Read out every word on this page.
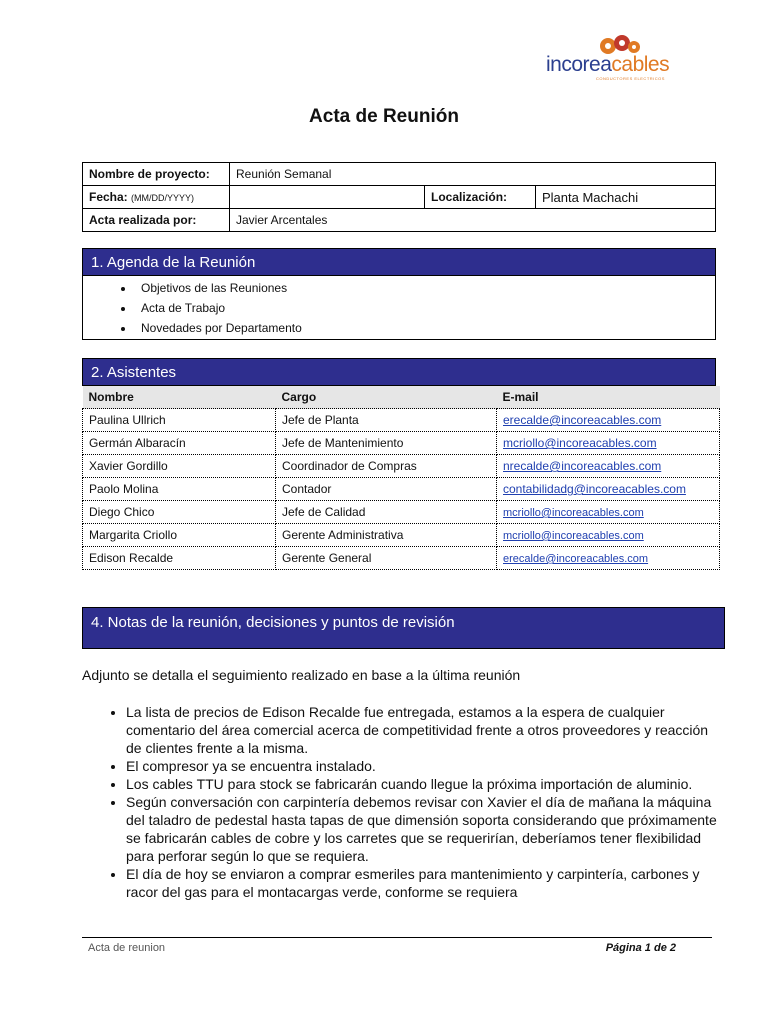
incoreacables
CONDUCTORES ELECTRICOS
Acta de Reunión
Nombre de proyecto:	Reunión Semanal		
Fecha: (MM/DD/YYYY)		Localización:	Planta Machachi
Acta realizada por:	Javier Arcentales		
1. Agenda de la Reunión
• Objetivos de las Reuniones
• Acta de Trabajo
• Novedades por Departamento
2. Asistentes
Nombre	Cargo	E-mail
Paulina Ullrich	Jefe de Planta	erecalde@incoreacables.com
Germán Albaracín	Jefe de Mantenimiento	mcriollo@incoreacables.com
Xavier Gordillo	Coordinador de Compras	nrecalde@incoreacables.com
Paolo Molina	Contador	contabilidadg@incoreacables.com
Diego Chico	Jefe de Calidad	mcriollo@incoreacables.com
Margarita Criollo	Gerente Administrativa	mcriollo@incoreacables.com
Edison Recalde	Gerente General	erecalde@incoreacables.com
4. Notas de la reunión, decisiones y puntos de revisión
Adjunto se detalla el seguimiento realizado en base a la última reunión
• La lista de precios de Edison Recalde fue entregada, estamos a la espera de cualquier comentario del área comercial acerca de competitividad frente a otros proveedores y reacción de clientes frente a la misma.
• El compresor ya se encuentra instalado.
• Los cables TTU para stock se fabricarán cuando llegue la próxima importación de aluminio.
• Según conversación con carpintería debemos revisar con Xavier el día de mañana la máquina del taladro de pedestal hasta tapas de que dimensión soporta considerando que próximamente se fabricarán cables de cobre y los carretes que se requerirían, deberíamos tener flexibilidad para perforar según lo que se requiera.
• El día de hoy se enviaron a comprar esmeriles para mantenimiento y carpintería, carbones y racor del gas para el montacargas verde, conforme se requiera
Acta de reunion	Página 1 de 2
